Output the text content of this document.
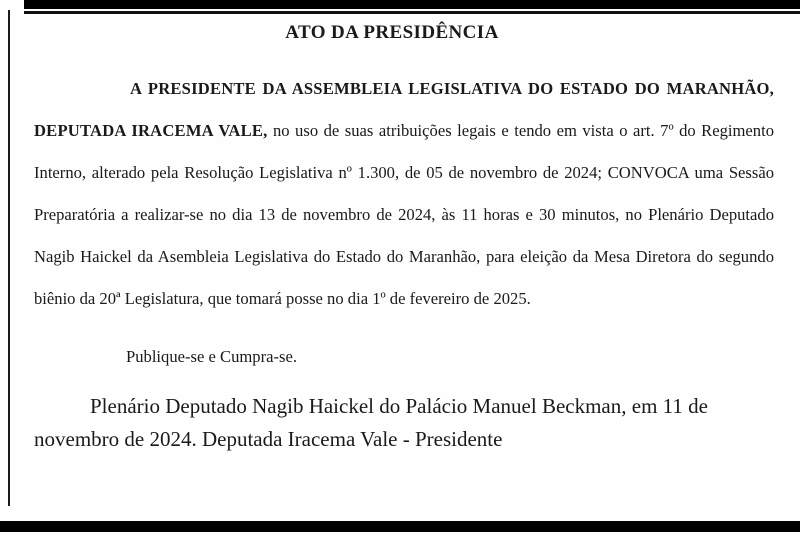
ATO DA PRESIDÊNCIA

A PRESIDENTE DA ASSEMBLEIA LEGISLATIVA DO ESTADO DO MARANHÃO, DEPUTADA IRACEMA VALE, no uso de suas atribuições legais e tendo em vista o art. 7º do Regimento Interno, alterado pela Resolução Legislativa nº 1.300, de 05 de novembro de 2024; CONVOCA uma Sessão Preparatória a realizar-se no dia 13 de novembro de 2024, às 11 horas e 30 minutos, no Plenário Deputado Nagib Haickel da Asembleia Legislativa do Estado do Maranhão, para eleição da Mesa Diretora do segundo biênio da 20ª Legislatura, que tomará posse no dia 1º de fevereiro de 2025.

Publique-se e Cumpra-se.

Plenário Deputado Nagib Haickel do Palácio Manuel Beckman, em 11 de novembro de 2024. Deputada Iracema Vale - Presidente
